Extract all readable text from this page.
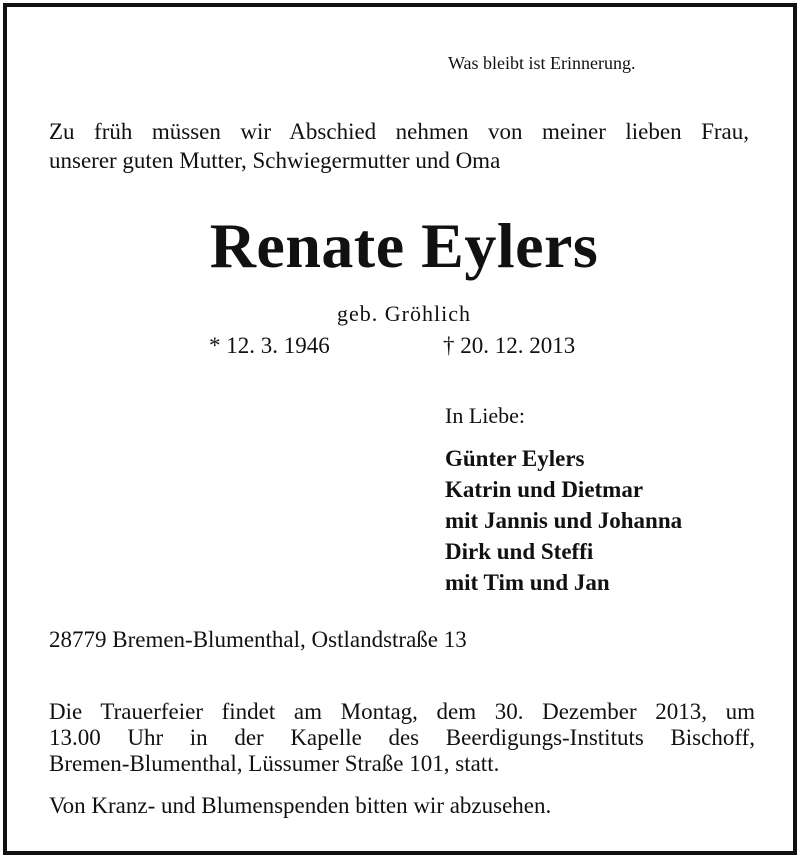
Was bleibt ist Erinnerung.
Zu früh müssen wir Abschied nehmen von meiner lieben Frau,
unserer guten Mutter, Schwiegermutter und Oma
Renate Eylers
geb. Gröhlich
* 12. 3. 1946	† 20. 12. 2013
In Liebe:
Günter Eylers
Katrin und Dietmar
mit Jannis und Johanna
Dirk und Steffi
mit Tim und Jan
28779 Bremen-Blumenthal, Ostlandstraße 13
Die Trauerfeier findet am Montag, dem 30. Dezember 2013, um
13.00 Uhr in der Kapelle des Beerdigungs-Instituts Bischoff,
Bremen-Blumenthal, Lüssumer Straße 101, statt.
Von Kranz- und Blumenspenden bitten wir abzusehen.
